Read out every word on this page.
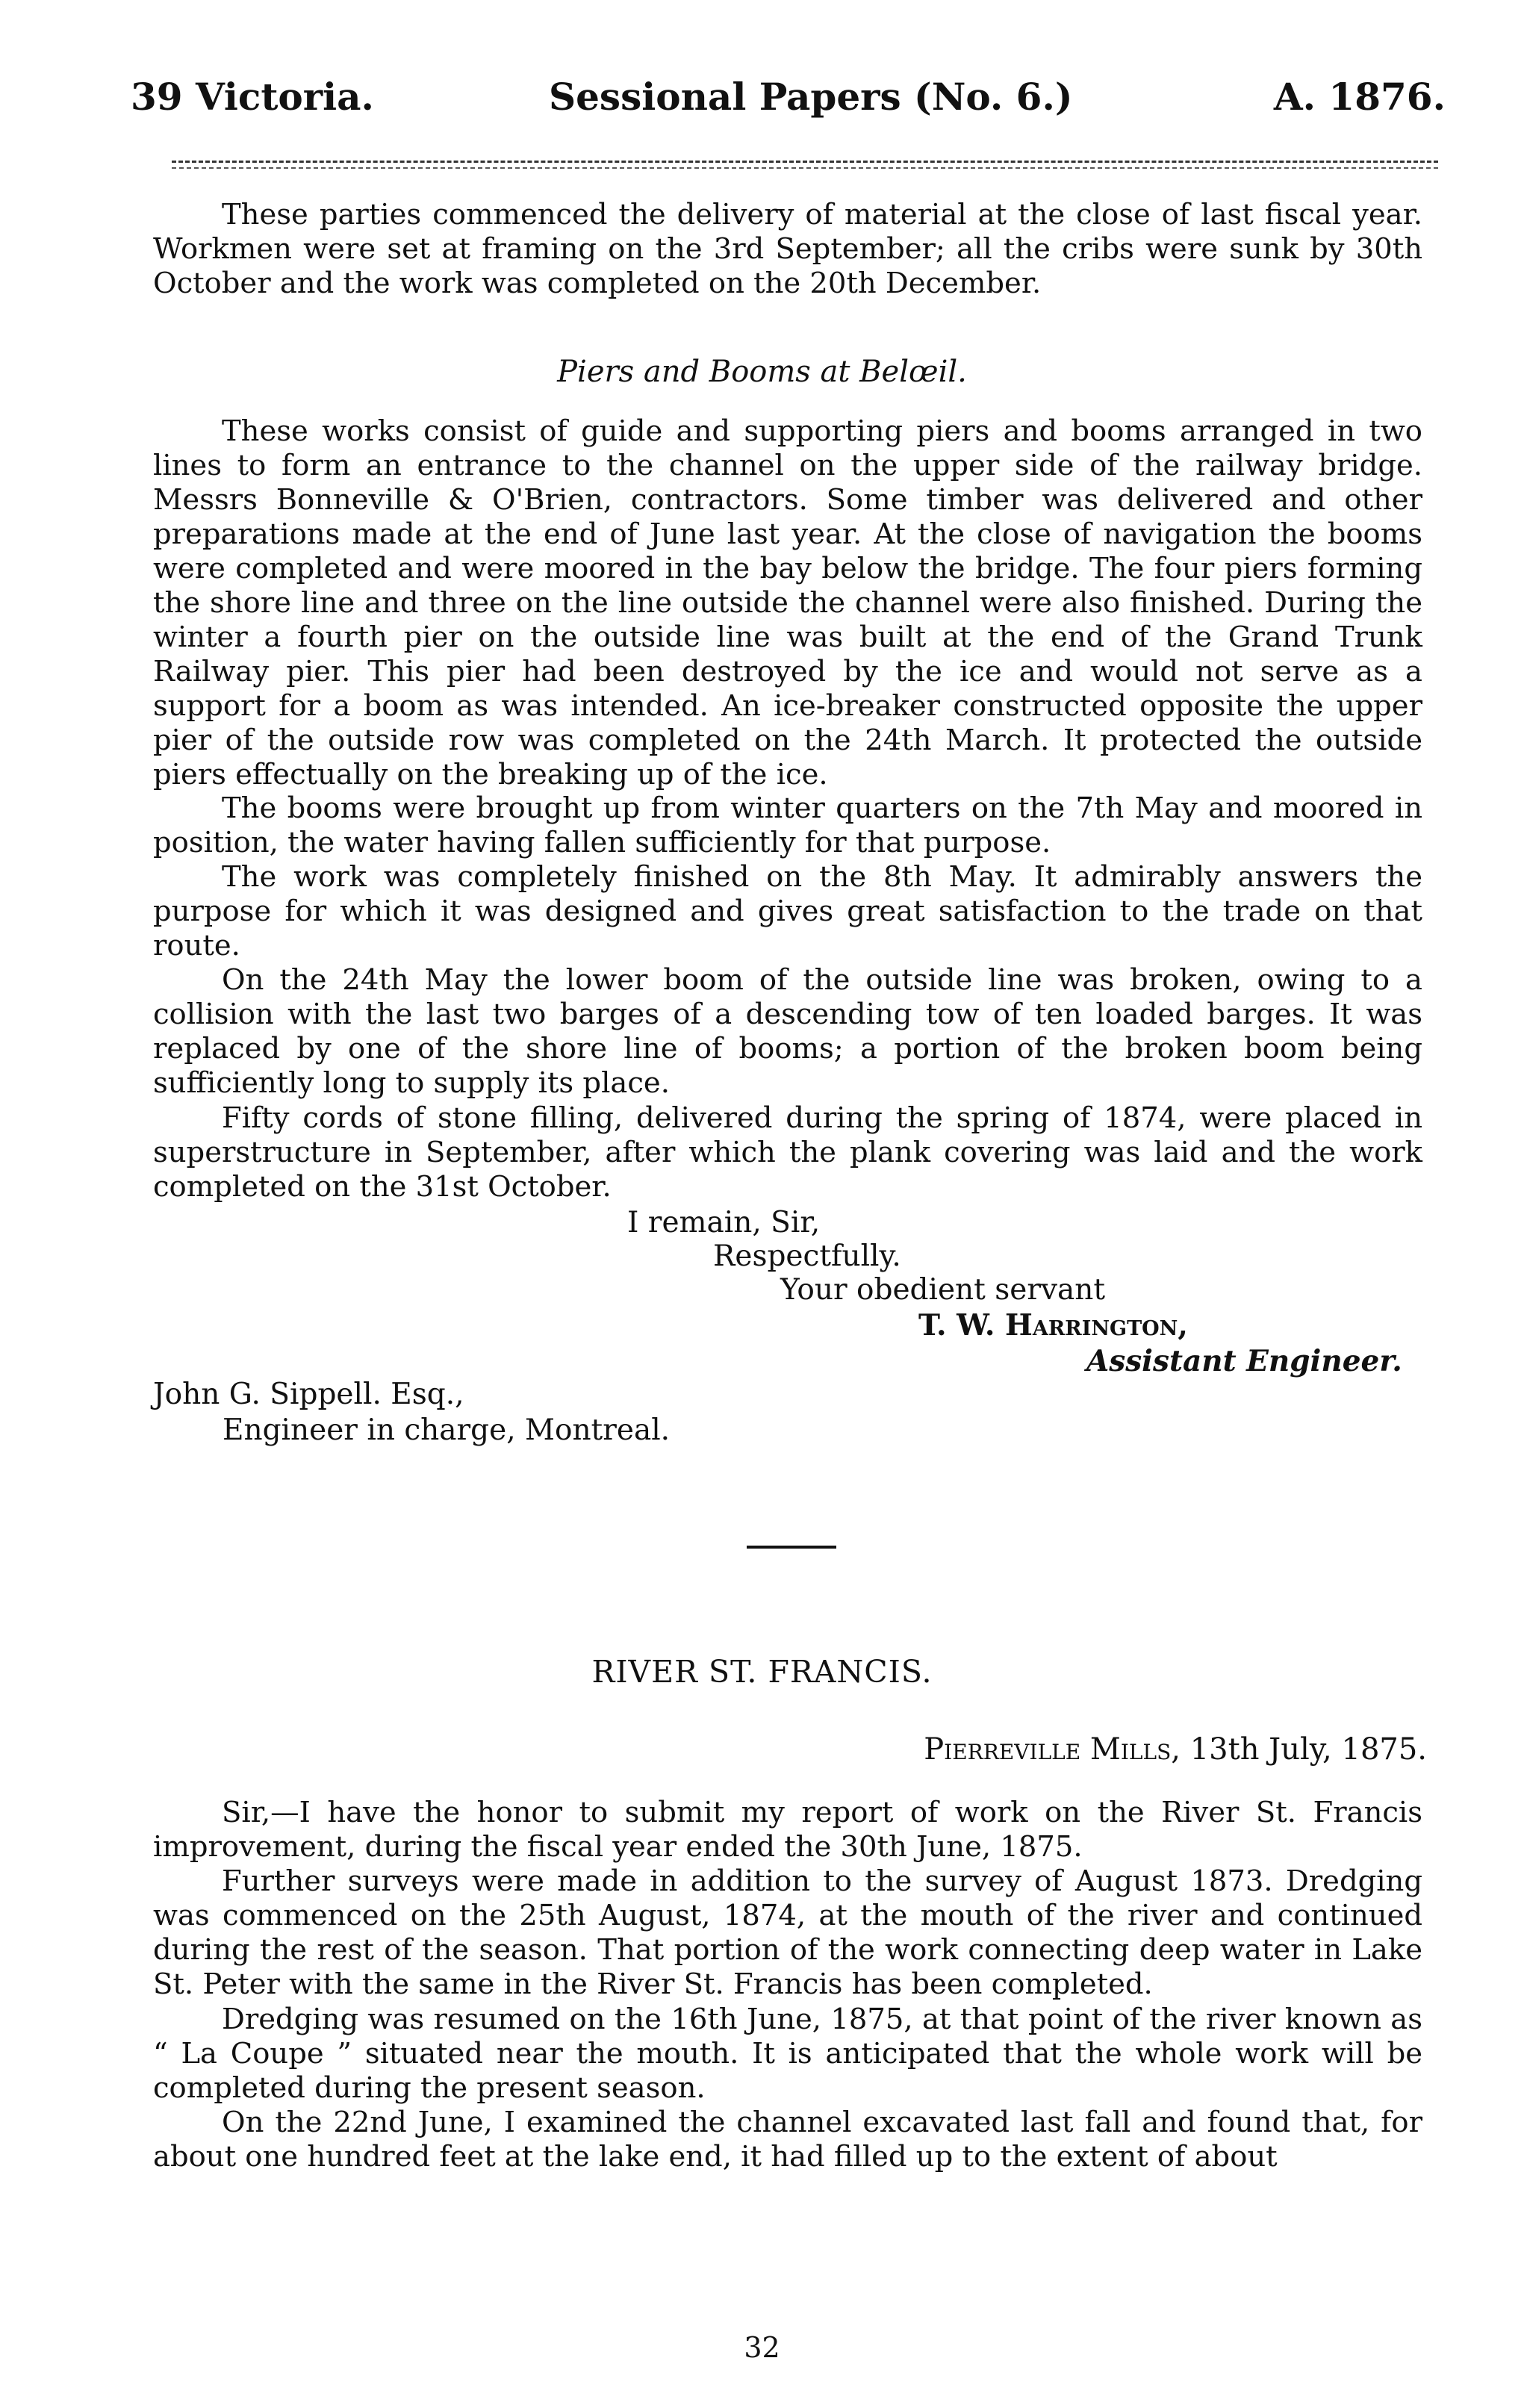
39 Victoria.	Sessional Papers (No. 6.)	A. 1876.

These parties commenced the delivery of material at the close of last fiscal year. Workmen were set at framing on the 3rd September; all the cribs were sunk by 30th October and the work was completed on the 20th December.

Piers and Booms at Belœil.

These works consist of guide and supporting piers and booms arranged in two lines to form an entrance to the channel on the upper side of the railway bridge. Messrs Bonneville & O'Brien, contractors. Some timber was delivered and other preparations made at the end of June last year. At the close of navigation the booms were completed and were moored in the bay below the bridge. The four piers forming the shore line and three on the line outside the channel were also finished. During the winter a fourth pier on the outside line was built at the end of the Grand Trunk Railway pier. This pier had been destroyed by the ice and would not serve as a support for a boom as was intended. An ice-breaker constructed opposite the upper pier of the outside row was completed on the 24th March. It protected the outside piers effectually on the breaking up of the ice.

The booms were brought up from winter quarters on the 7th May and moored in position, the water having fallen sufficiently for that purpose.

The work was completely finished on the 8th May. It admirably answers the purpose for which it was designed and gives great satisfaction to the trade on that route.

On the 24th May the lower boom of the outside line was broken, owing to a collision with the last two barges of a descending tow of ten loaded barges. It was replaced by one of the shore line of booms; a portion of the broken boom being sufficiently long to supply its place.

Fifty cords of stone filling, delivered during the spring of 1874, were placed in superstructure in September, after which the plank covering was laid and the work completed on the 31st October.

I remain, Sir,
Respectfully.
Your obedient servant
T. W. Harrington,
Assistant Engineer.
John G. Sippell. Esq.,
Engineer in charge, Montreal.
RIVER ST. FRANCIS.
Pierreville Mills, 13th July, 1875.

Sir,—I have the honor to submit my report of work on the River St. Francis improvement, during the fiscal year ended the 30th June, 1875.

Further surveys were made in addition to the survey of August 1873. Dredging was commenced on the 25th August, 1874, at the mouth of the river and continued during the rest of the season. That portion of the work connecting deep water in Lake St. Peter with the same in the River St. Francis has been completed.

Dredging was resumed on the 16th June, 1875, at that point of the river known as “ La Coupe ” situated near the mouth. It is anticipated that the whole work will be completed during the present season.

On the 22nd June, I examined the channel excavated last fall and found that, for about one hundred feet at the lake end, it had filled up to the extent of about

32
